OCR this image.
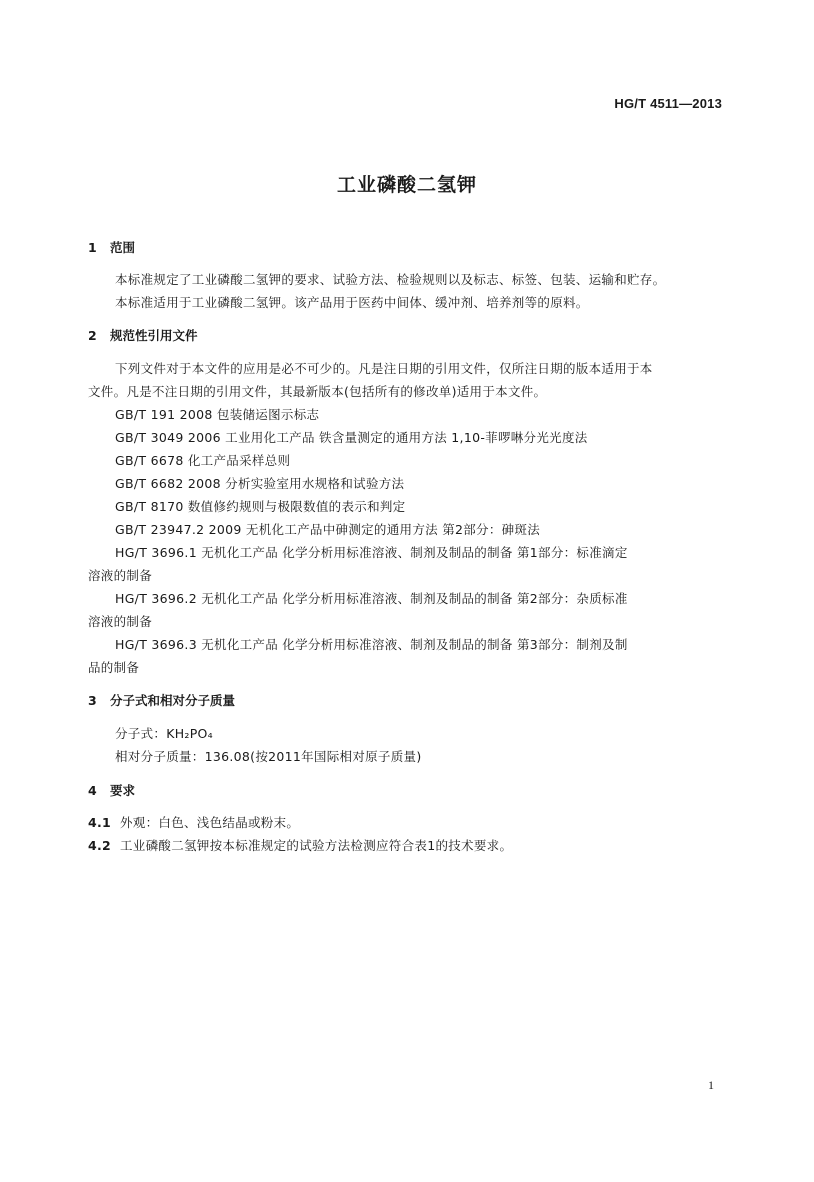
HG/T 4511—2013
工业磷酸二氢钾
1 范围
本标准规定了工业磷酸二氢钾的要求、试验方法、检验规则以及标志、标签、包装、运输和贮存。
本标准适用于工业磷酸二氢钾。该产品用于医药中间体、缓冲剂、培养剂等的原料。
2 规范性引用文件
下列文件对于本文件的应用是必不可少的。凡是注日期的引用文件，仅所注日期的版本适用于本
文件。凡是不注日期的引用文件，其最新版本(包括所有的修改单)适用于本文件。
GB/T 191 2008 包装储运图示标志
GB/T 3049 2006 工业用化工产品 铁含量测定的通用方法 1,10-菲啰啉分光光度法
GB/T 6678 化工产品采样总则
GB/T 6682 2008 分析实验室用水规格和试验方法
GB/T 8170 数值修约规则与极限数值的表示和判定
GB/T 23947.2 2009 无机化工产品中砷测定的通用方法 第2部分：砷斑法
HG/T 3696.1 无机化工产品 化学分析用标准溶液、制剂及制品的制备 第1部分：标准滴定
溶液的制备
HG/T 3696.2 无机化工产品 化学分析用标准溶液、制剂及制品的制备 第2部分：杂质标准
溶液的制备
HG/T 3696.3 无机化工产品 化学分析用标准溶液、制剂及制品的制备 第3部分：制剂及制
品的制备
3 分子式和相对分子质量
分子式：KH₂PO₄
相对分子质量：136.08(按2011年国际相对原子质量)
4 要求
4.1 外观：白色、浅色结晶或粉末。
4.2 工业磷酸二氢钾按本标准规定的试验方法检测应符合表1的技术要求。
1
